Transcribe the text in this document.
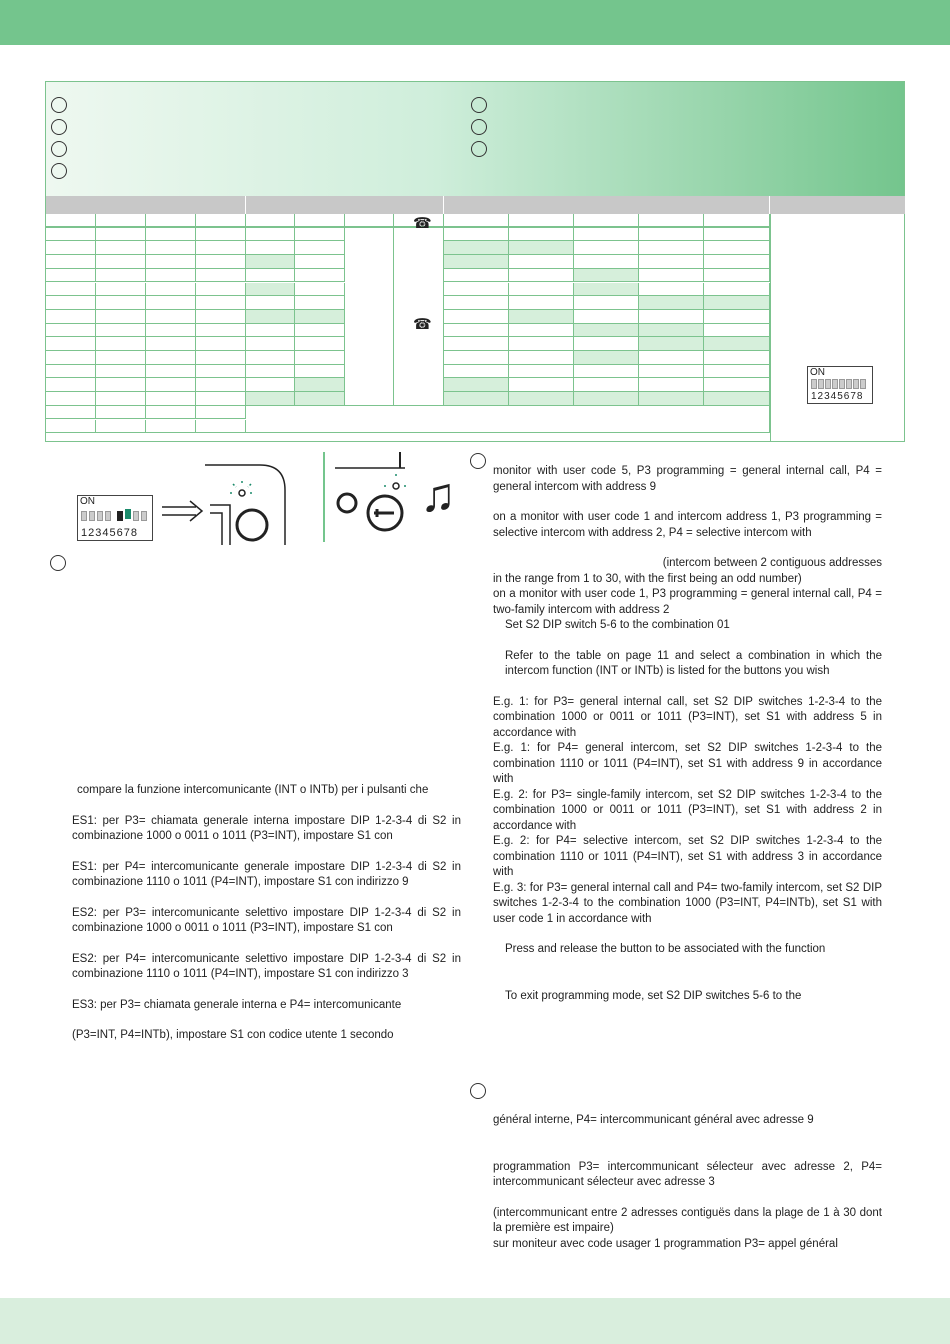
☎
☎
ON
12345678
ON
12345678
♫	monitor with user code 5, P3 programming = general internal call, P4 = general intercom with address 9

on a monitor with user code 1 and intercom address 1, P3 programming = selective intercom with address 2, P4 = selective intercom with

(intercom between 2 contiguous addresses

in the range from 1 to 30, with the first being an odd number)

on a monitor with user code 1, P3 programming = general internal call, P4 = two-family intercom with address 2

Set S2 DIP switch 5-6 to the combination 01

Refer to the table on page 11 and select a combination in which the intercom function (INT or INTb) is listed for the buttons you wish

E.g. 1: for P3= general internal call, set S2 DIP switches 1-2-3-4 to the combination 1000 or 0011 or 1011 (P3=INT), set S1 with address 5 in accordance with

E.g. 1: for P4= general intercom, set S2 DIP switches 1-2-3-4 to the combination 1110 or 1011 (P4=INT), set S1 with address 9 in accordance with

E.g. 2: for P3= single-family intercom, set S2 DIP switches 1-2-3-4 to the combination 1000 or 0011 or 1011 (P3=INT), set S1 with address 2 in accordance with

E.g. 2: for P4= selective intercom, set S2 DIP switches 1-2-3-4 to the combination 1110 or 1011 (P4=INT), set S1 with address 3 in accordance with

E.g. 3: for P3= general internal call and P4= two-family intercom, set S2 DIP switches 1-2-3-4 to the combination 1000 (P3=INT, P4=INTb), set S1 with user code 1 in accordance with

Press and release the button to be associated with the function

To exit programming mode, set S2 DIP switches 5-6 to the

compare la funzione intercomunicante (INT o INTb) per i pulsanti che

ES1: per P3= chiamata generale interna impostare DIP 1-2-3-4 di S2 in combinazione 1000 o 0011 o 1011 (P3=INT), impostare S1 con

ES1: per P4= intercomunicante generale impostare DIP 1-2-3-4 di S2 in combinazione 1110 o 1011 (P4=INT), impostare S1 con indirizzo 9

ES2: per P3= intercomunicante selettivo impostare DIP 1-2-3-4 di S2 in combinazione 1000 o 0011 o 1011 (P3=INT), impostare S1 con

ES2: per P4= intercomunicante selettivo impostare DIP 1-2-3-4 di S2 in combinazione 1110 o 1011 (P4=INT), impostare S1 con indirizzo 3

ES3: per P3= chiamata generale interna e P4= intercomunicante

(P3=INT, P4=INTb), impostare S1 con codice utente 1 secondo

général interne, P4= intercommunicant général avec adresse 9

programmation P3= intercommunicant sélecteur avec adresse 2, P4= intercommunicant sélecteur avec adresse 3

(intercommunicant entre 2 adresses contiguës dans la plage de 1 à 30 dont la première est impaire)

sur moniteur avec code usager 1 programmation P3= appel général
